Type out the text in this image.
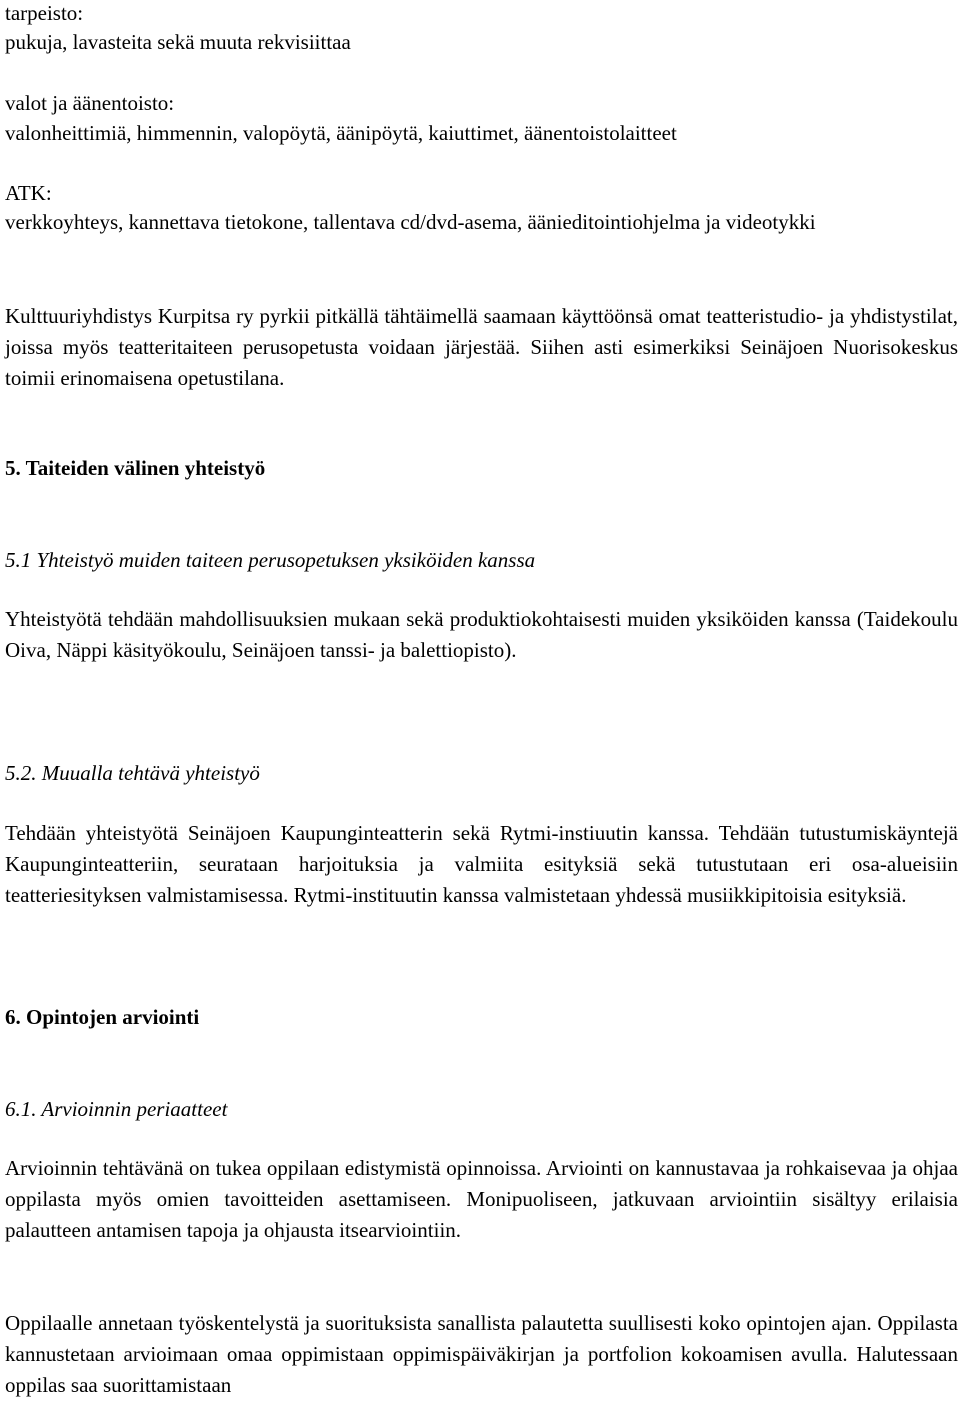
tarpeisto:
pukuja, lavasteita sekä muuta rekvisiittaa
valot ja äänentoisto:
valonheittimiä, himmennin, valopöytä, äänipöytä, kaiuttimet, äänentoistolaitteet
ATK:

verkkoyhteys, kannettava tietokone, tallentava cd/dvd-asema, äänieditointiohjelma ja videotykki

Kulttuuriyhdistys Kurpitsa ry pyrkii pitkällä tähtäimellä saamaan käyttöönsä omat teatteristudio- ja yhdistystilat, joissa myös teatteritaiteen perusopetusta voidaan järjestää. Siihen asti esimerkiksi Seinäjoen Nuorisokeskus toimii erinomaisena opetustilana.

5. Taiteiden välinen yhteistyö
5.1 Yhteistyö muiden taiteen perusopetuksen yksiköiden kanssa

Yhteistyötä tehdään mahdollisuuksien mukaan sekä produktiokohtaisesti muiden yksiköiden kanssa (Taidekoulu Oiva, Näppi käsityökoulu, Seinäjoen tanssi- ja balettiopisto).

5.2. Muualla tehtävä yhteistyö

Tehdään yhteistyötä Seinäjoen Kaupunginteatterin sekä Rytmi-instiuutin kanssa. Tehdään tutustumiskäyntejä Kaupunginteatteriin, seurataan harjoituksia ja valmiita esityksiä sekä tutustutaan eri osa-alueisiin teatteriesityksen valmistamisessa. Rytmi-instituutin kanssa valmistetaan yhdessä musiikkipitoisia esityksiä.

6. Opintojen arviointi
6.1. Arvioinnin periaatteet

Arvioinnin tehtävänä on tukea oppilaan edistymistä opinnoissa. Arviointi on kannustavaa ja rohkaisevaa ja ohjaa oppilasta myös omien tavoitteiden asettamiseen. Monipuoliseen, jatkuvaan arviointiin sisältyy erilaisia palautteen antamisen tapoja ja ohjausta itsearviointiin.

Oppilaalle annetaan työskentelystä ja suorituksista sanallista palautetta suullisesti koko opintojen ajan. Oppilasta kannustetaan arvioimaan omaa oppimistaan oppimispäiväkirjan ja portfolion kokoamisen avulla. Halutessaan oppilas saa suorittamistaan
